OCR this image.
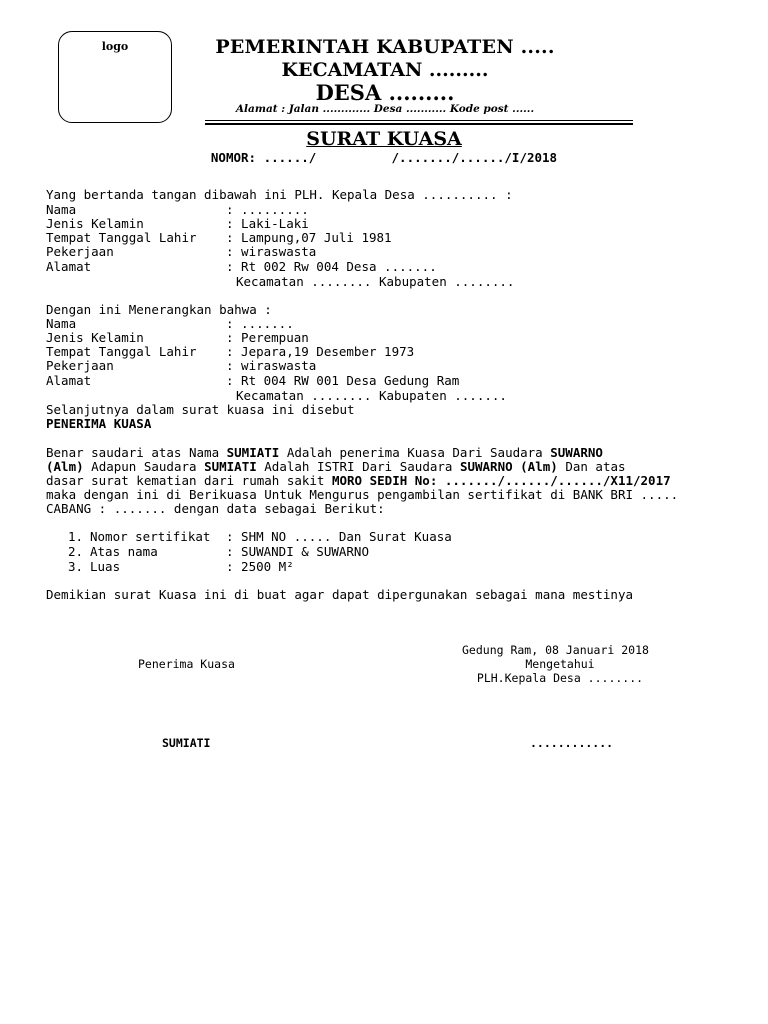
logo	PEMERINTAH KABUPATEN .....
KECAMATAN .........
DESA .........
Alamat : Jalan ............. Desa ........... Kode post ......
SURAT KUASA
NOMOR: ....../          /......./....../I/2018
Yang bertanda tangan dibawah ini PLH. Kepala Desa .......... :
Nama	: .........
Jenis Kelamin	: Laki-Laki
Tempat Tanggal Lahir : Lampung,07 Juli 1981
Pekerjaan	: wiraswasta
Alamat	: Rt 002 Rw 004 Desa .......
Kecamatan ........ Kabupaten ........
Dengan ini Menerangkan bahwa :
Nama	: .......
Jenis Kelamin	: Perempuan
Tempat Tanggal Lahir : Jepara,19 Desember 1973
Pekerjaan	: wiraswasta
Alamat	: Rt 004 RW 001 Desa Gedung Ram
Kecamatan ........ Kabupaten .......
Selanjutnya dalam surat kuasa ini disebut
PENERIMA KUASA
Benar saudari atas Nama SUMIATI Adalah penerima Kuasa Dari Saudara SUWARNO
(Alm) Adapun Saudara SUMIATI Adalah ISTRI Dari Saudara SUWARNO (Alm) Dan atas
dasar surat kematian dari rumah sakit MORO SEDIH No: ......./....../....../X11/2017
maka dengan ini di Berikuasa Untuk Mengurus pengambilan sertifikat di BANK BRI .....
CABANG : ....... dengan data sebagai Berikut:
1. Nomor sertifikat : SHM NO ..... Dan Surat Kuasa
2. Atas nama	: SUWANDI & SUWARNO
3. Luas	: 2500 M²
Demikian surat Kuasa ini di buat agar dapat dipergunakan sebagai mana mestinya
Gedung Ram, 08 Januari 2018
Mengetahui
PLH.Kepala Desa ........
Penerima Kuasa
SUMIATI	............
